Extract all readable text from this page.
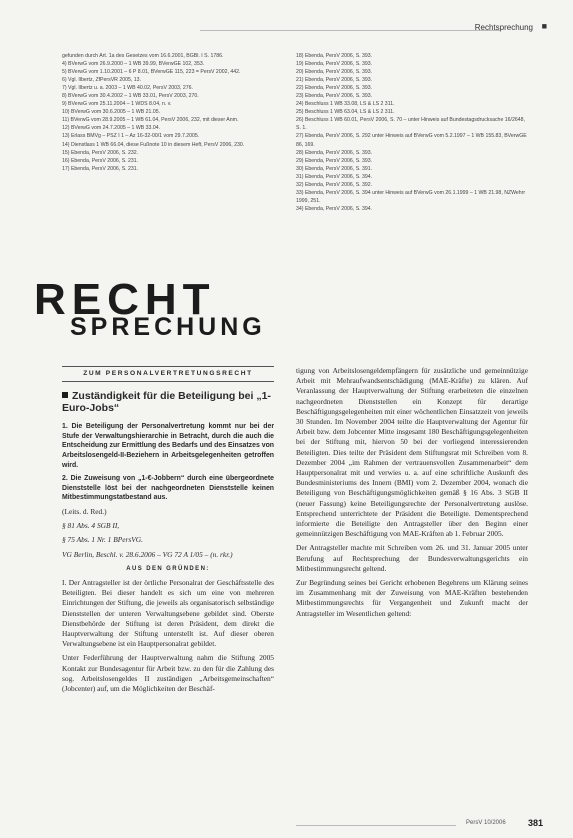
Rechtsprechung ■

gefunden durch Art. 1a des Gesetzes vom 16.6.2001, BGBl. I S. 1786.

4) BVerwG vom 26.9.2000 – 1 WB 39.99, BVerwGE 102, 353.

5) BVerwG vom 1.10.2001 – 6 P 8.01, BVerwGE 115, 223 = PersV 2002, 442.

6) Vgl. Ilbertz, ZfPersVR 2005, 13.

7) Vgl. Ilbertz u. a. 2003 – 1 WB 40.02, PersV 2003, 276.

8) BVerwG vom 30.4.2002 – 1 WB 33.01, PersV 2003, 270.

9) BVerwG vom 25.11.2004 – 1 WDS 8.04, n. v.

10) BVerwG vom 30.6.2005 – 1 WB 21.05.

11) BVerwG vom 28.9.2005 – 1 WB 61.04, PersV 2006, 232, mit dieser Anm.

12) BVerwG vom 24.7.2005 – 1 WB 33.04.

13) Erlass BMVg – PSZ I 1 – Az 16-32-00/1 vom 29.7.2005.

14) Dienstlass 1 WB 66.04, diese Fußnote 10 in diesem Heft, PersV 2006, 230.

15) Ebenda, PersV 2006, S. 232.

16) Ebenda, PersV 2006, S. 231.

17) Ebenda, PersV 2006, S. 231.

18) Ebenda, PersV 2006, S. 393.

19) Ebenda, PersV 2006, S. 393.

20) Ebenda, PersV 2006, S. 393.

21) Ebenda, PersV 2006, S. 393.

22) Ebenda, PersV 2006, S. 393.

23) Ebenda, PersV 2006, S. 393.

24) Beschluss 1 WB 33.08, LS & LS 2 311.

25) Beschluss 1 WB 63.04, LS & LS 2 311.

26) Beschluss 1 WB 60.01, PersV 2006, S. 70 – unter Hinweis auf Bundestagsdrucksache 16/2648, S. 1.

27) Ebenda, PersV 2006, S. 292 unter Hinweis auf BVerwG vom 5.2.1997 – 1 WB 155.83, BVerwGE 86, 169.

28) Ebenda, PersV 2006, S. 393.

29) Ebenda, PersV 2006, S. 393.

30) Ebenda, PersV 2006, S. 391.

31) Ebenda, PersV 2006, S. 394.

32) Ebenda, PersV 2006, S. 392.

33) Ebenda, PersV 2006, S. 394 unter Hinweis auf BVerwG vom 26.1.1999 – 1 WB 21.98, NZWehrr 1999, 251.

34) Ebenda, PersV 2006, S. 394.

RECHT
SPRECHUNG
ZUM PERSONALVERTRETUNGSRECHT
Zuständigkeit für die Beteiligung bei „1-Euro-Jobs“

1. Die Beteiligung der Personalvertretung kommt nur bei der Stufe der Verwaltungshierarchie in Betracht, durch die auch die Entscheidung zur Ermittlung des Bedarfs und des Einsatzes von Arbeitslosengeld-II-Beziehern in Arbeitsgelegenheiten getroffen wird.

2. Die Zuweisung von „1-€-Jobbern“ durch eine übergeordnete Dienststelle löst bei der nachgeordneten Dienststelle keinen Mitbestimmungstatbestand aus.

(Leits. d. Red.)

§ 81 Abs. 4 SGB II,

§ 75 Abs. 1 Nr. 1 BPersVG.

VG Berlin, Beschl. v. 28.6.2006 – VG 72 A 1/05 – (n. rkr.)

AUS DEN GRÜNDEN:

I. Der Antragsteller ist der örtliche Personalrat der Geschäftsstelle des Beteiligten. Bei dieser handelt es sich um eine von mehreren Einrichtungen der Stiftung, die jeweils als organisatorisch selbständige Dienststellen der unteren Verwaltungsebene gebildet sind. Oberste Dienstbehörde der Stiftung ist deren Präsident, dem direkt die Hauptverwaltung der Stiftung unterstellt ist. Auf dieser oberen Verwaltungsebene ist ein Hauptpersonalrat gebildet.

Unter Federführung der Hauptverwaltung nahm die Stiftung 2005 Kontakt zur Bundesagentur für Arbeit bzw. zu den für die Zahlung des sog. Arbeitslosengeldes II zuständigen „Arbeitsgemeinschaften“ (Jobcenter) auf, um die Möglichkeiten der Beschäf-

tigung von Arbeitslosengeldempfängern für zusätzliche und gemeinnützige Arbeit mit Mehraufwandsentschädigung (MAE-Kräfte) zu klären. Auf Veranlassung der Hauptverwaltung der Stiftung erarbeiteten die einzelnen nachgeordneten Dienststellen ein Konzept für derartige Beschäftigungsgelegenheiten mit einer wöchentlichen Einsatzzeit von jeweils 30 Stunden. Im November 2004 teilte die Hauptverwaltung der Agentur für Arbeit bzw. dem Jobcenter Mitte insgesamt 180 Beschäftigungsgelegenheiten bei der Stiftung mit, hiervon 50 bei der vorliegend interessierenden Beteiligten. Dies teilte der Präsident dem Stiftungsrat mit Schreiben vom 8. Dezember 2004 „im Rahmen der vertrauensvollen Zusammenarbeit“ dem Hauptpersonalrat mit und verwies u. a. auf eine schriftliche Auskunft des Bundesministeriums des Innern (BMI) vom 2. Dezember 2004, wonach die Beteiligung von Beschäftigungsmöglichkeiten gemäß § 16 Abs. 3 SGB II (neuer Fassung) keine Beteiligungsrechte der Personalvertretung auslöse. Entsprechend unterrichtete der Präsident die Beteiligte. Dementsprechend informierte die Beteiligte den Antragsteller über den Beginn einer gemeinnützigen Beschäftigung von MAE-Kräften ab 1. Februar 2005.

Der Antragsteller machte mit Schreiben vom 26. und 31. Januar 2005 unter Berufung auf Rechtsprechung der Bundesverwaltungsgerichts ein Mitbestimmungsrecht geltend.

Zur Begründung seines bei Gericht erhobenen Begehrens um Klärung seines im Zusammenhang mit der Zuweisung von MAE-Kräften bestehenden Mitbestimmungsrechts für Vergangenheit und Zukunft macht der Antragsteller im Wesentlichen geltend:

PersV 10/2006 381
